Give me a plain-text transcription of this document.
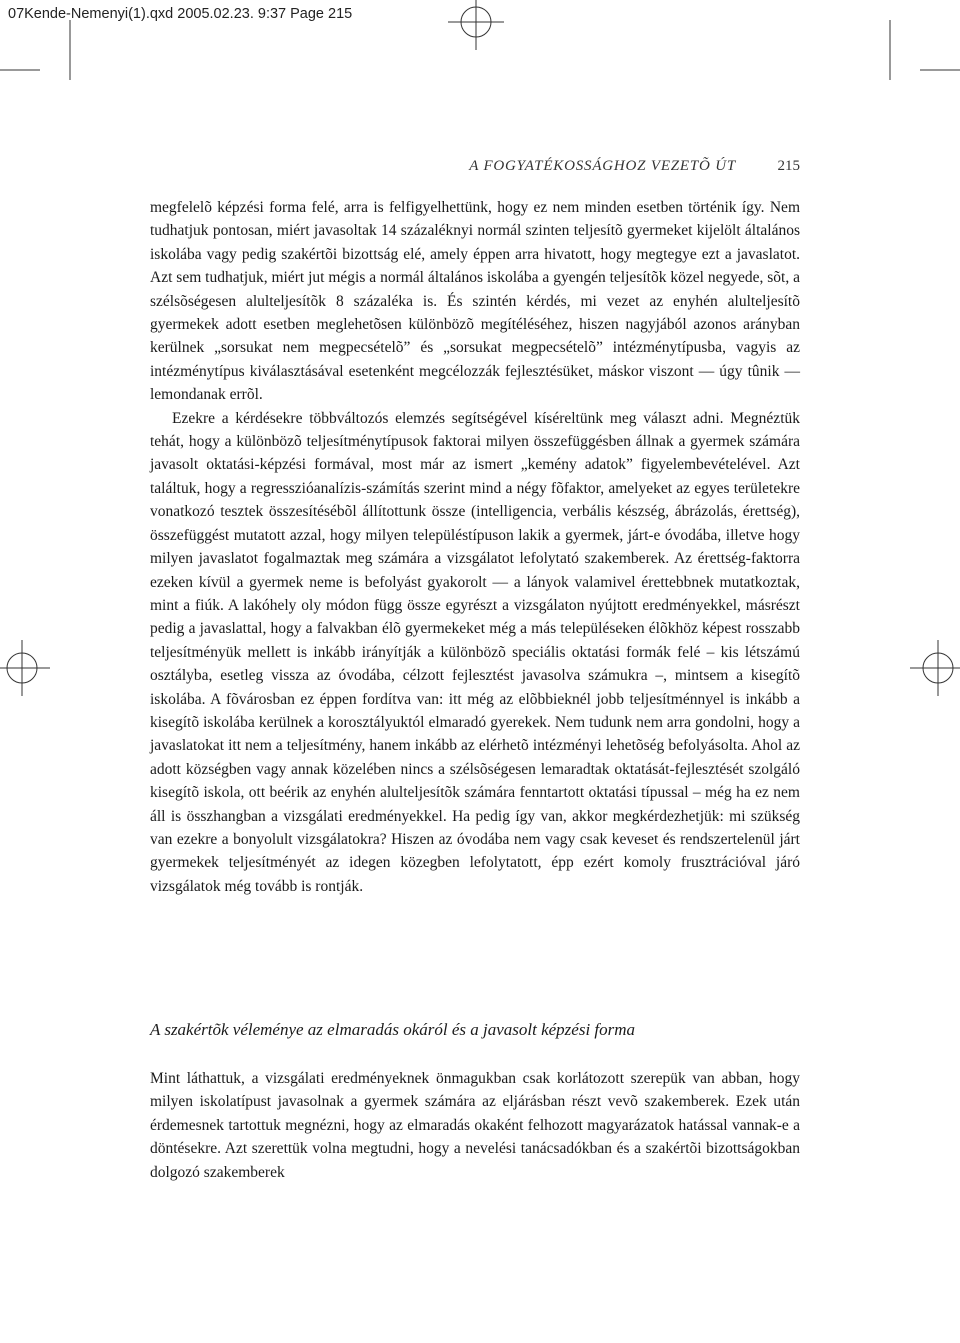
07Kende-Nemenyi(1).qxd 2005.02.23. 9:37 Page 215
A FOGYATÉKOSSÁGHOZ VEZETÕ ÚT	215

megfelelõ képzési forma felé, arra is felfigyelhettünk, hogy ez nem minden esetben történik így. Nem tudhatjuk pontosan, miért javasoltak 14 százaléknyi normál szinten teljesítõ gyermeket kijelölt általános iskolába vagy pedig szakértõi bizottság elé, amely éppen arra hivatott, hogy megtegye ezt a javaslatot. Azt sem tudhatjuk, miért jut mégis a normál általános iskolába a gyengén teljesítõk közel negyede, sõt, a szélsõségesen alulteljesítõk 8 százaléka is. És szintén kérdés, mi vezet az enyhén alulteljesítõ gyermekek adott esetben meglehetõsen különbözõ megítéléséhez, hiszen nagyjából azonos arányban kerülnek „sorsukat nem megpecsételõ” és „sorsukat megpecsételõ” intézménytípusba, vagyis az intézménytípus kiválasztásával esetenként megcélozzák fejlesztésüket, máskor viszont — úgy tûnik — lemondanak errõl.

Ezekre a kérdésekre többváltozós elemzés segítségével kíséreltünk meg választ adni. Megnéztük tehát, hogy a különbözõ teljesítménytípusok faktorai milyen összefüggésben állnak a gyermek számára javasolt oktatási-képzési formával, most már az ismert „kemény adatok” figyelembevételével. Azt találtuk, hogy a regresszióanalízis-számítás szerint mind a négy fõfaktor, amelyeket az egyes területekre vonatkozó tesztek összesítésébõl állítottunk össze (intelligencia, verbális készség, ábrázolás, érettség), összefüggést mutatott azzal, hogy milyen településtípuson lakik a gyermek, járt-e óvodába, illetve hogy milyen javaslatot fogalmaztak meg számára a vizsgálatot lefolytató szakemberek. Az érettség-faktorra ezeken kívül a gyermek neme is befolyást gyakorolt — a lányok valamivel érettebbnek mutatkoztak, mint a fiúk. A lakóhely oly módon függ össze egyrészt a vizsgálaton nyújtott eredményekkel, másrészt pedig a javaslattal, hogy a falvakban élõ gyermekeket még a más településeken élõkhöz képest rosszabb teljesítményük mellett is inkább irányítják a különbözõ speciális oktatási formák felé – kis létszámú osztályba, esetleg vissza az óvodába, célzott fejlesztést javasolva számukra –, mintsem a kisegítõ iskolába. A fõvárosban ez éppen fordítva van: itt még az elõbbieknél jobb teljesítménnyel is inkább a kisegítõ iskolába kerülnek a korosztályuktól elmaradó gyerekek. Nem tudunk nem arra gondolni, hogy a javaslatokat itt nem a teljesítmény, hanem inkább az elérhetõ intézményi lehetõség befolyásolta. Ahol az adott községben vagy annak közelében nincs a szélsõségesen lemaradtak oktatását-fejlesztését szolgáló kisegítõ iskola, ott beérik az enyhén alulteljesítõk számára fenntartott oktatási típussal – még ha ez nem áll is összhangban a vizsgálati eredményekkel. Ha pedig így van, akkor megkérdezhetjük: mi szükség van ezekre a bonyolult vizsgálatokra? Hiszen az óvodába nem vagy csak keveset és rendszertelenül járt gyermekek teljesítményét az idegen közegben lefolytatott, épp ezért komoly frusztrációval járó vizsgálatok még tovább is rontják.

A szakértõk véleménye az elmaradás okáról és a javasolt képzési forma

Mint láthattuk, a vizsgálati eredményeknek önmagukban csak korlátozott szerepük van abban, hogy milyen iskolatípust javasolnak a gyermek számára az eljárásban részt vevõ szakemberek. Ezek után érdemesnek tartottuk megnézni, hogy az elmaradás okaként felhozott magyarázatok hatással vannak-e a döntésekre. Azt szerettük volna megtudni, hogy a nevelési tanácsadókban és a szakértõi bizottságokban dolgozó szakemberek
